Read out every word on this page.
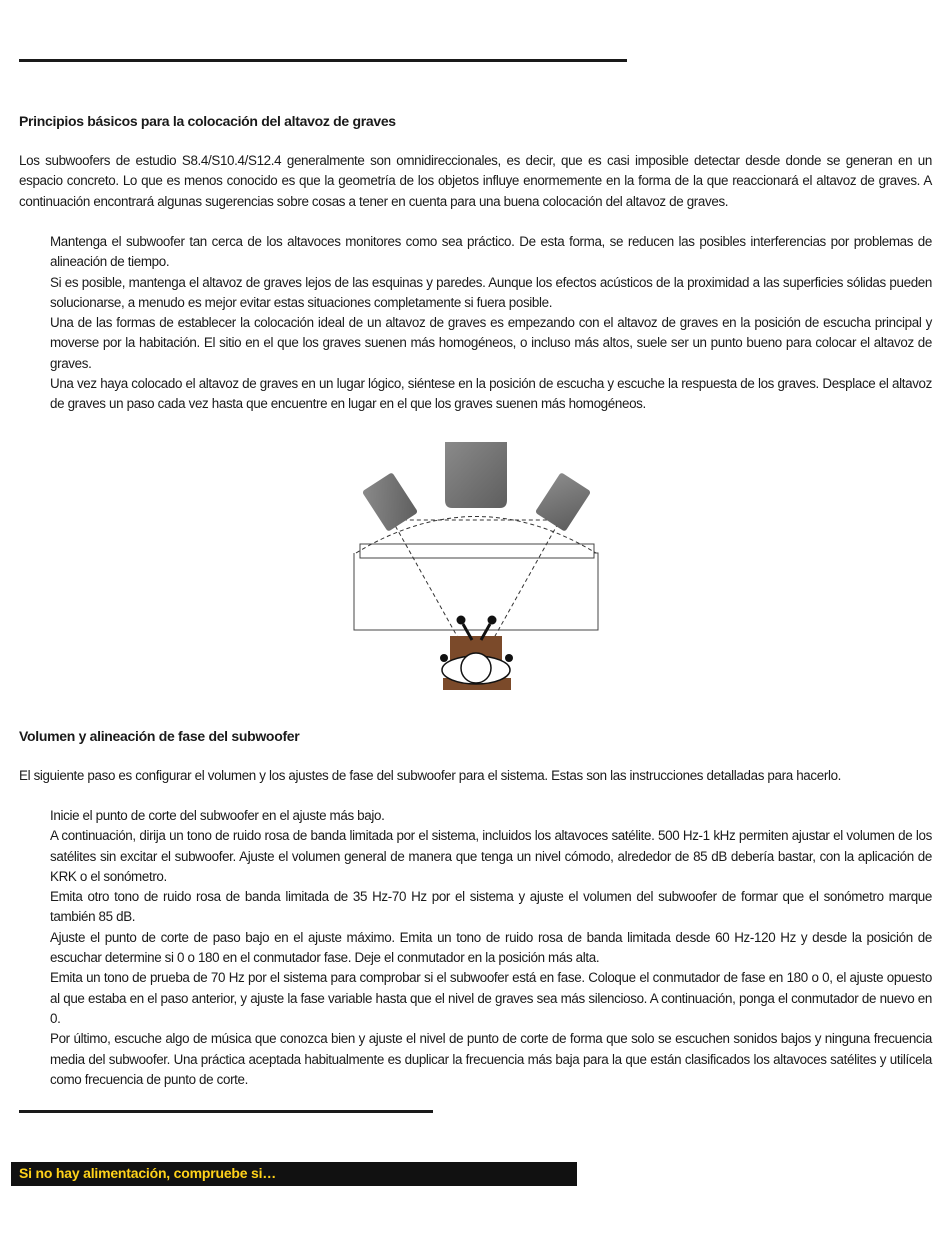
Principios básicos para la colocación del altavoz de graves

Los subwoofers de estudio S8.4/S10.4/S12.4 generalmente son omnidireccionales, es decir, que es casi imposible detectar desde donde se generan en un espacio concreto. Lo que es menos conocido es que la geometría de los objetos influye enormemente en la forma de la que reaccionará el altavoz de graves. A continuación encontrará algunas sugerencias sobre cosas a tener en cuenta para una buena colocación del altavoz de graves.

Mantenga el subwoofer tan cerca de los altavoces monitores como sea práctico. De esta forma, se reducen las posibles interferencias por problemas de alineación de tiempo.
Si es posible, mantenga el altavoz de graves lejos de las esquinas y paredes. Aunque los efectos acústicos de la proximidad a las superficies sólidas pueden solucionarse, a menudo es mejor evitar estas situaciones completamente si fuera posible.
Una de las formas de establecer la colocación ideal de un altavoz de graves es empezando con el altavoz de graves en la posición de escucha principal y moverse por la habitación. El sitio en el que los graves suenen más homogéneos, o incluso más altos, suele ser un punto bueno para colocar el altavoz de graves.
Una vez haya colocado el altavoz de graves en un lugar lógico, siéntese en la posición de escucha y escuche la respuesta de los graves. Desplace el altavoz de graves un paso cada vez hasta que encuentre en lugar en el que los graves suenen más homogéneos.
Volumen y alineación de fase del subwoofer

El siguiente paso es configurar el volumen y los ajustes de fase del subwoofer para el sistema. Estas son las instrucciones detalladas para hacerlo.

Inicie el punto de corte del subwoofer en el ajuste más bajo.
A continuación, dirija un tono de ruido rosa de banda limitada por el sistema, incluidos los altavoces satélite. 500 Hz-1 kHz permiten ajustar el volumen de los satélites sin excitar el subwoofer. Ajuste el volumen general de manera que tenga un nivel cómodo, alrededor de 85 dB debería bastar, con la aplicación de KRK o el sonómetro.
Emita otro tono de ruido rosa de banda limitada de 35 Hz-70 Hz por el sistema y ajuste el volumen del subwoofer de formar que el sonómetro marque también 85 dB.
Ajuste el punto de corte de paso bajo en el ajuste máximo. Emita un tono de ruido rosa de banda limitada desde 60 Hz-120 Hz y desde la posición de escuchar determine si 0 o 180 en el conmutador fase. Deje el conmutador en la posición más alta.
Emita un tono de prueba de 70 Hz por el sistema para comprobar si el subwoofer está en fase. Coloque el conmutador de fase en 180 o 0, el ajuste opuesto al que estaba en el paso anterior, y ajuste la fase variable hasta que el nivel de graves sea más silencioso. A continuación, ponga el conmutador de nuevo en 0.
Por último, escuche algo de música que conozca bien y ajuste el nivel de punto de corte de forma que solo se escuchen sonidos bajos y ninguna frecuencia media del subwoofer. Una práctica aceptada habitualmente es duplicar la frecuencia más baja para la que están clasificados los altavoces satélites y utilícela como frecuencia de punto de corte.
Si no hay alimentación, compruebe si…
